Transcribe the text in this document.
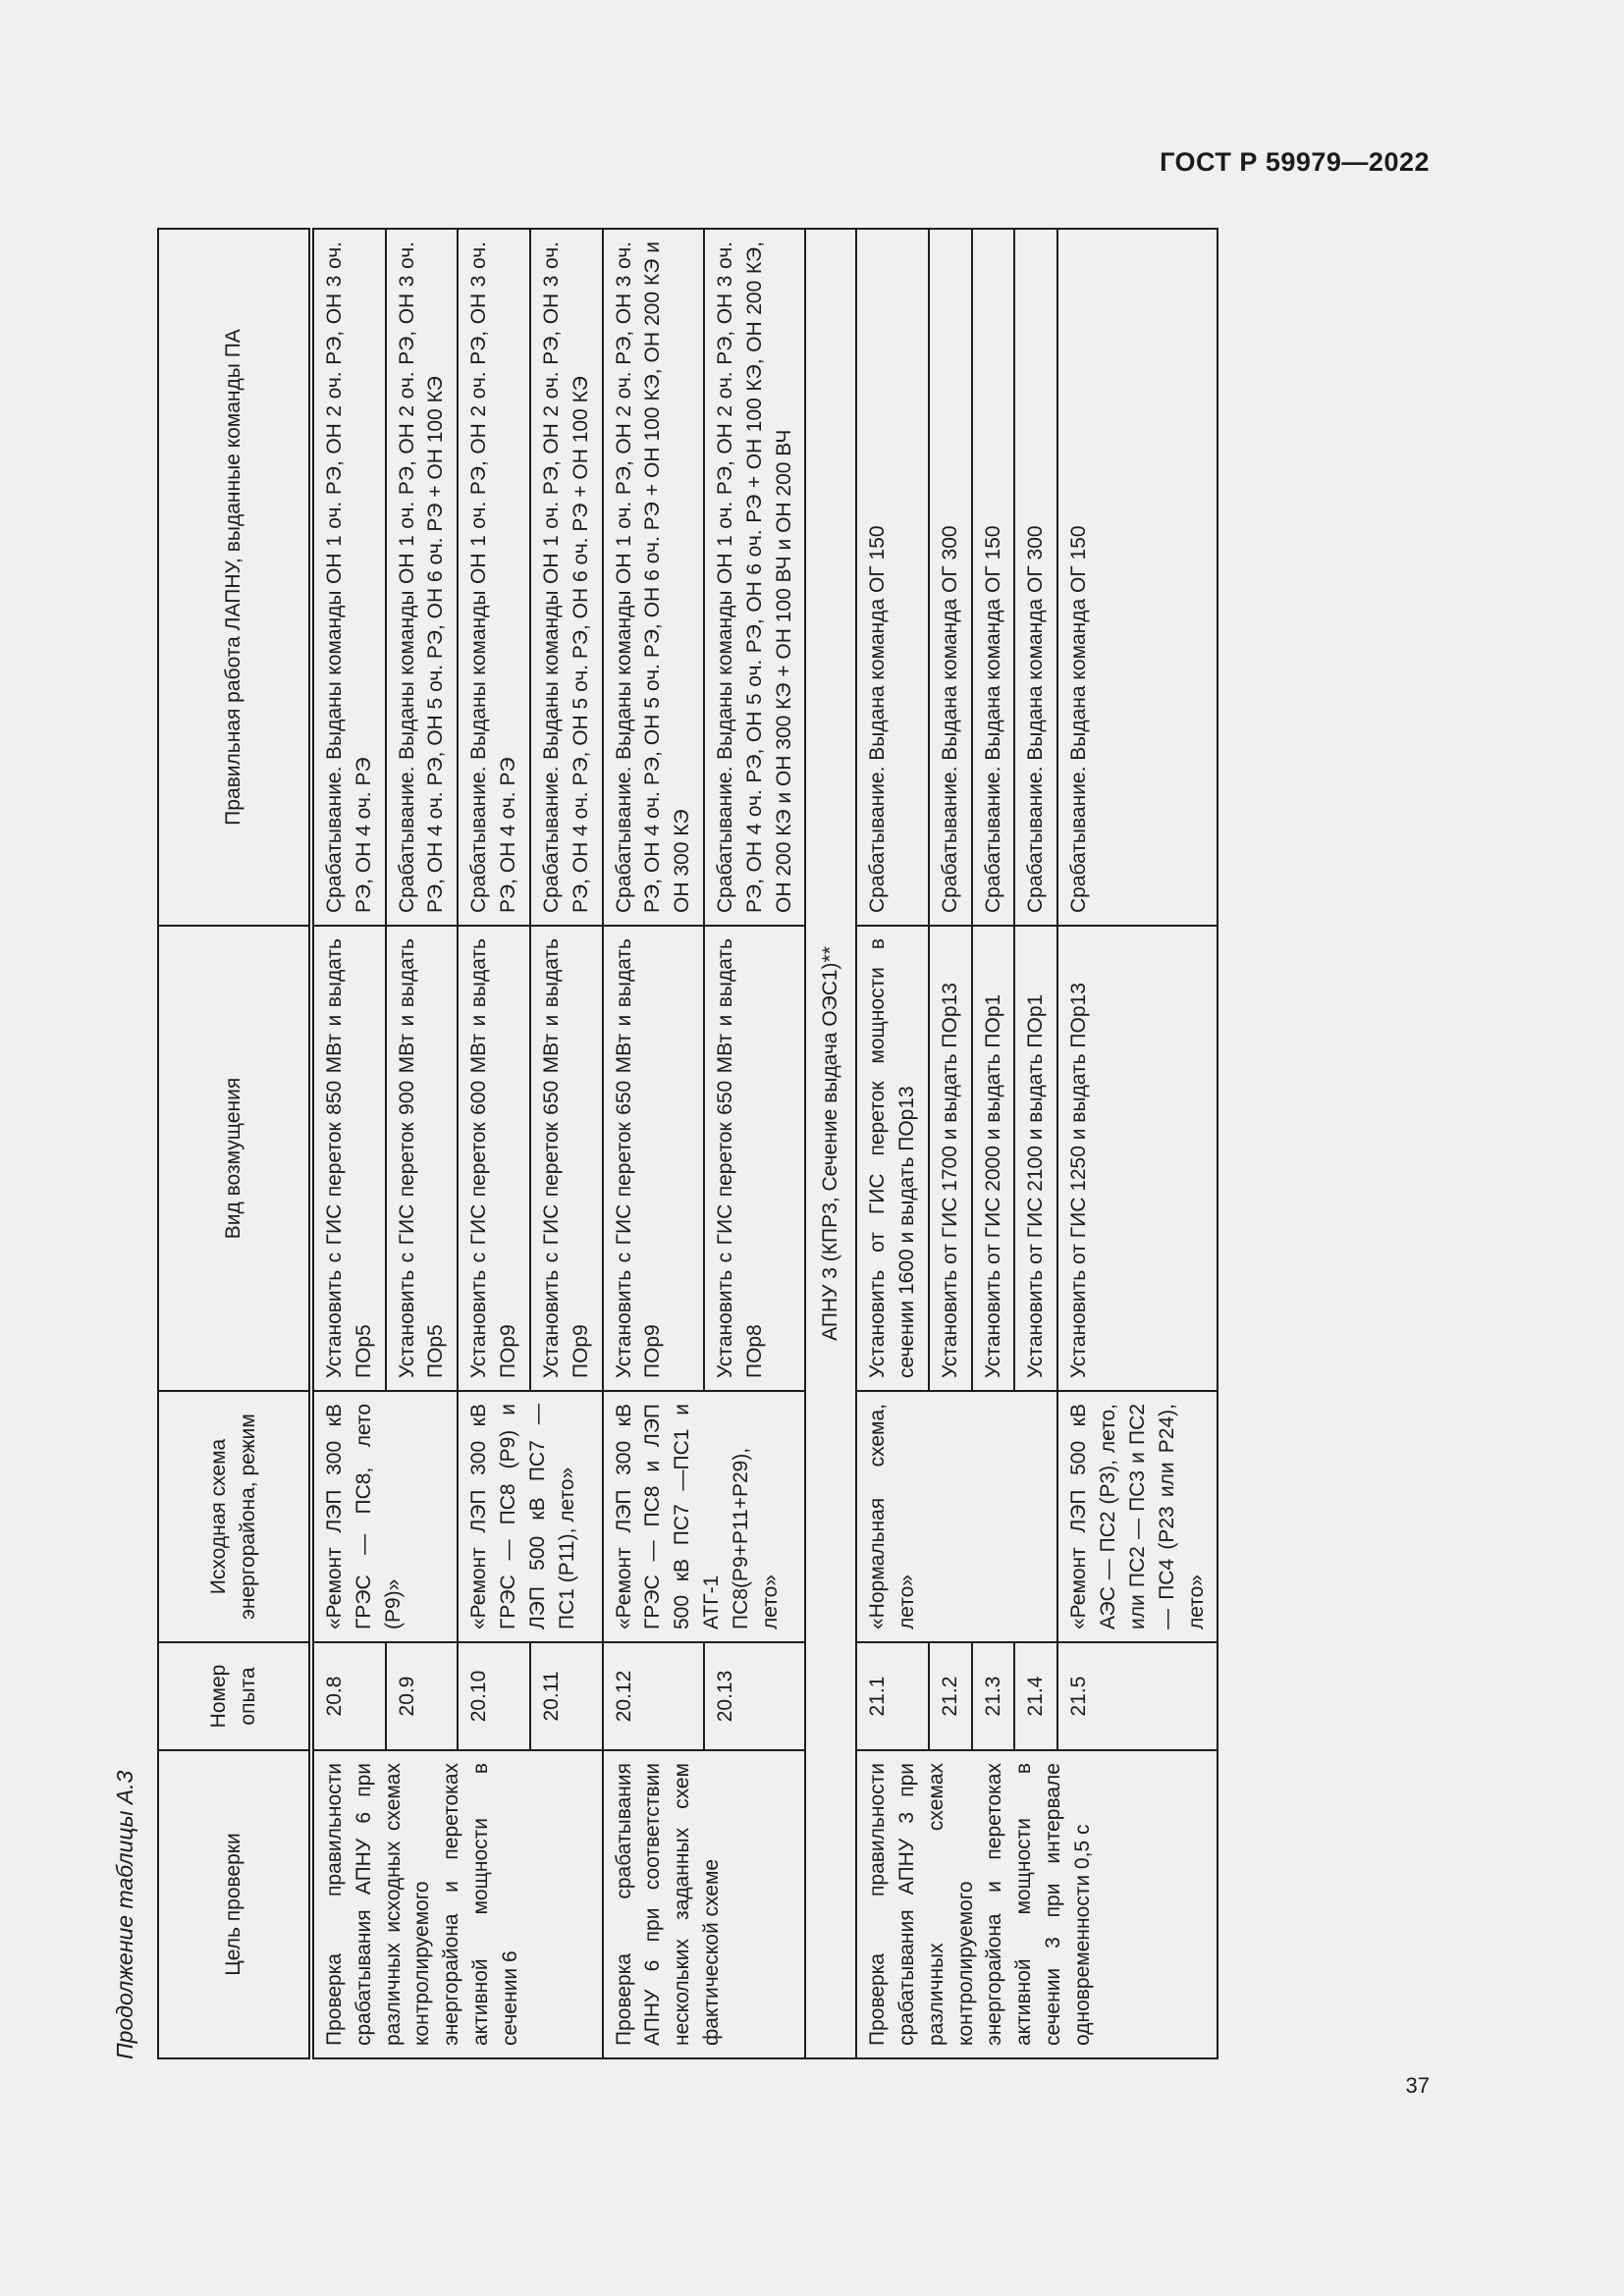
ГОСТ Р 59979—2022
Продолжение таблицы А.3	Цель проверки	Номер опыта	Исходная схема энергорайона, режим	Вид возмущения	Правильная работа ЛАПНУ, выданные команды ПА
Проверка правильности срабатывания АПНУ 6 при различных исходных схемах контролируемого энергорайона и перетоках активной мощности в сечении 6	20.8	«Ремонт ЛЭП 300 кВ ГРЭС — ПС8, лето (Р9)»	Установить с ГИС переток 850 МВт и выдать ПОр5	Срабатывание. Выданы команды ОН 1 оч. РЭ, ОН 2 оч. РЭ, ОН 3 оч. РЭ, ОН 4 оч. РЭ
	20.9		Установить с ГИС переток 900 МВт и выдать ПОр5	Срабатывание. Выданы команды ОН 1 оч. РЭ, ОН 2 оч. РЭ, ОН 3 оч. РЭ, ОН 4 оч. РЭ, ОН 5 оч. РЭ, ОН 6 оч. РЭ + ОН 100 КЭ
	20.10	«Ремонт ЛЭП 300 кВ ГРЭС — ПС8 (Р9) и ЛЭП 500 кВ ПС7 — ПС1 (Р11), лето»	Установить с ГИС переток 600 МВт и выдать ПОр9	Срабатывание. Выданы команды ОН 1 оч. РЭ, ОН 2 оч. РЭ, ОН 3 оч. РЭ, ОН 4 оч. РЭ
	20.11		Установить с ГИС переток 650 МВт и выдать ПОр9	Срабатывание. Выданы команды ОН 1 оч. РЭ, ОН 2 оч. РЭ, ОН 3 оч. РЭ, ОН 4 оч. РЭ, ОН 5 оч. РЭ, ОН 6 оч. РЭ + ОН 100 КЭ
Проверка срабатывания АПНУ 6 при соответствии нескольких заданных схем фактической схеме	20.12	«Ремонт ЛЭП 300 кВ ГРЭС — ПС8 и ЛЭП 500 кВ ПС7 —ПС1 и АТГ-1 ПС8(Р9+Р11+Р29), лето»	Установить с ГИС переток 650 МВт и выдать ПОр9	Срабатывание. Выданы команды ОН 1 оч. РЭ, ОН 2 оч. РЭ, ОН 3 оч. РЭ, ОН 4 оч. РЭ, ОН 5 оч. РЭ, ОН 6 оч. РЭ + ОН 100 КЭ, ОН 200 КЭ и ОН 300 КЭ
	20.13		Установить с ГИС переток 650 МВт и выдать ПОр8	Срабатывание. Выданы команды ОН 1 оч. РЭ, ОН 2 оч. РЭ, ОН 3 оч. РЭ, ОН 4 оч. РЭ, ОН 5 оч. РЭ, ОН 6 оч. РЭ + ОН 100 КЭ, ОН 200 КЭ, ОН 200 КЭ и ОН 300 КЭ + ОН 100 ВЧ и ОН 200 ВЧ
АПНУ 3 (КПР3, Сечение выдача ОЭС1)**				
Проверка правильности срабатывания АПНУ 3 при различных схемах контролируемого энергорайона и перетоках активной мощности в сечении 3 при интервале одновременности 0,5 с	21.1	«Нормальная схема, лето»	Установить от ГИС переток мощности в сечении 1600 и выдать ПОр13	Срабатывание. Выдана команда ОГ 150
	21.2		Установить от ГИС 1700 и выдать ПОр13	Срабатывание. Выдана команда ОГ 300
	21.3		Установить от ГИС 2000 и выдать ПОр1	Срабатывание. Выдана команда ОГ 150
	21.4		Установить от ГИС 2100 и выдать ПОр1	Срабатывание. Выдана команда ОГ 300
	21.5	«Ремонт ЛЭП 500 кВ АЭС — ПС2 (Р3), лето, или ПС2 — ПС3 и ПС2 — ПС4 (Р23 или Р24), лето»	Установить от ГИС 1250 и выдать ПОр13	Срабатывание. Выдана команда ОГ 150
37
